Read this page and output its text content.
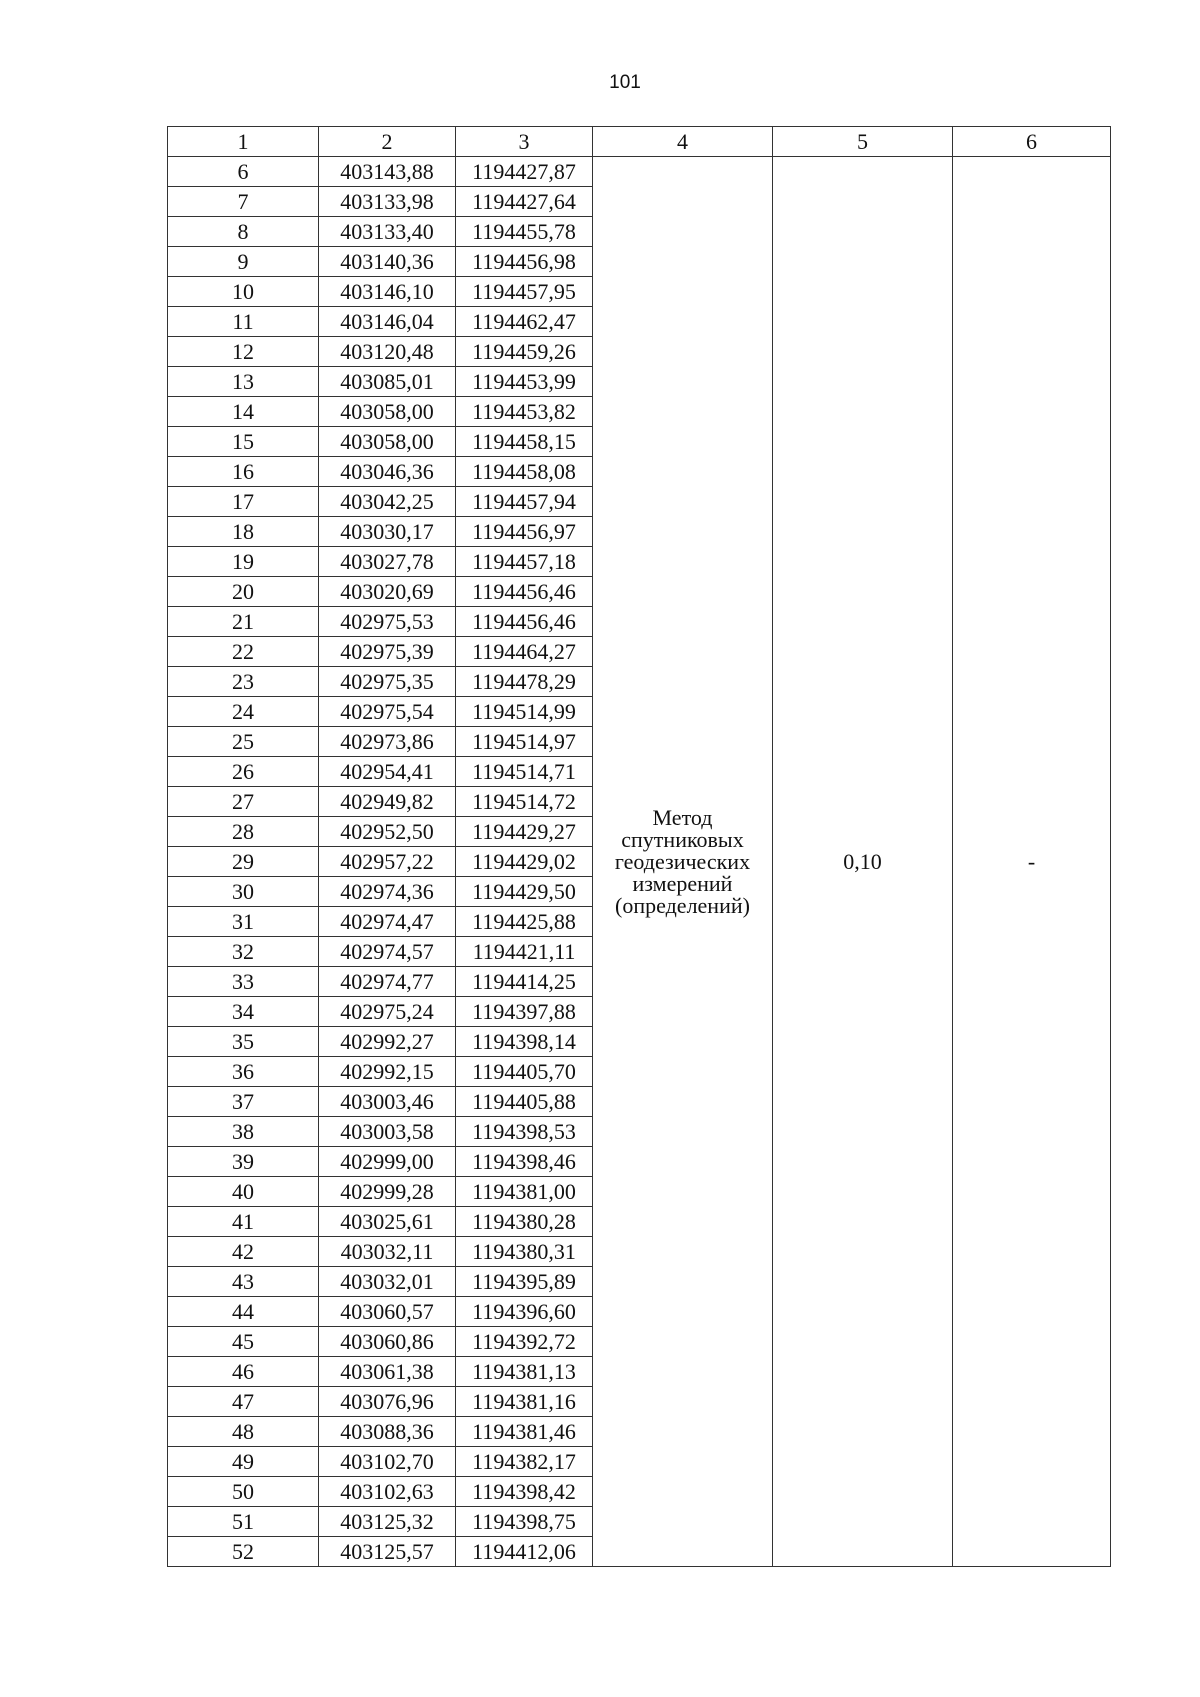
101
1	2	3	4	5	6
6	403143,88	1194427,87	Метод
спутниковых
геодезических
измерений
(определений)	0,10	-
7	403133,98	1194427,64			
8	403133,40	1194455,78			
9	403140,36	1194456,98			
10	403146,10	1194457,95			
11	403146,04	1194462,47			
12	403120,48	1194459,26			
13	403085,01	1194453,99			
14	403058,00	1194453,82			
15	403058,00	1194458,15			
16	403046,36	1194458,08			
17	403042,25	1194457,94			
18	403030,17	1194456,97			
19	403027,78	1194457,18			
20	403020,69	1194456,46			
21	402975,53	1194456,46			
22	402975,39	1194464,27			
23	402975,35	1194478,29			
24	402975,54	1194514,99			
25	402973,86	1194514,97			
26	402954,41	1194514,71			
27	402949,82	1194514,72			
28	402952,50	1194429,27			
29	402957,22	1194429,02			
30	402974,36	1194429,50			
31	402974,47	1194425,88			
32	402974,57	1194421,11			
33	402974,77	1194414,25			
34	402975,24	1194397,88			
35	402992,27	1194398,14			
36	402992,15	1194405,70			
37	403003,46	1194405,88			
38	403003,58	1194398,53			
39	402999,00	1194398,46			
40	402999,28	1194381,00			
41	403025,61	1194380,28			
42	403032,11	1194380,31			
43	403032,01	1194395,89			
44	403060,57	1194396,60			
45	403060,86	1194392,72			
46	403061,38	1194381,13			
47	403076,96	1194381,16			
48	403088,36	1194381,46			
49	403102,70	1194382,17			
50	403102,63	1194398,42			
51	403125,32	1194398,75			
52	403125,57	1194412,06			
